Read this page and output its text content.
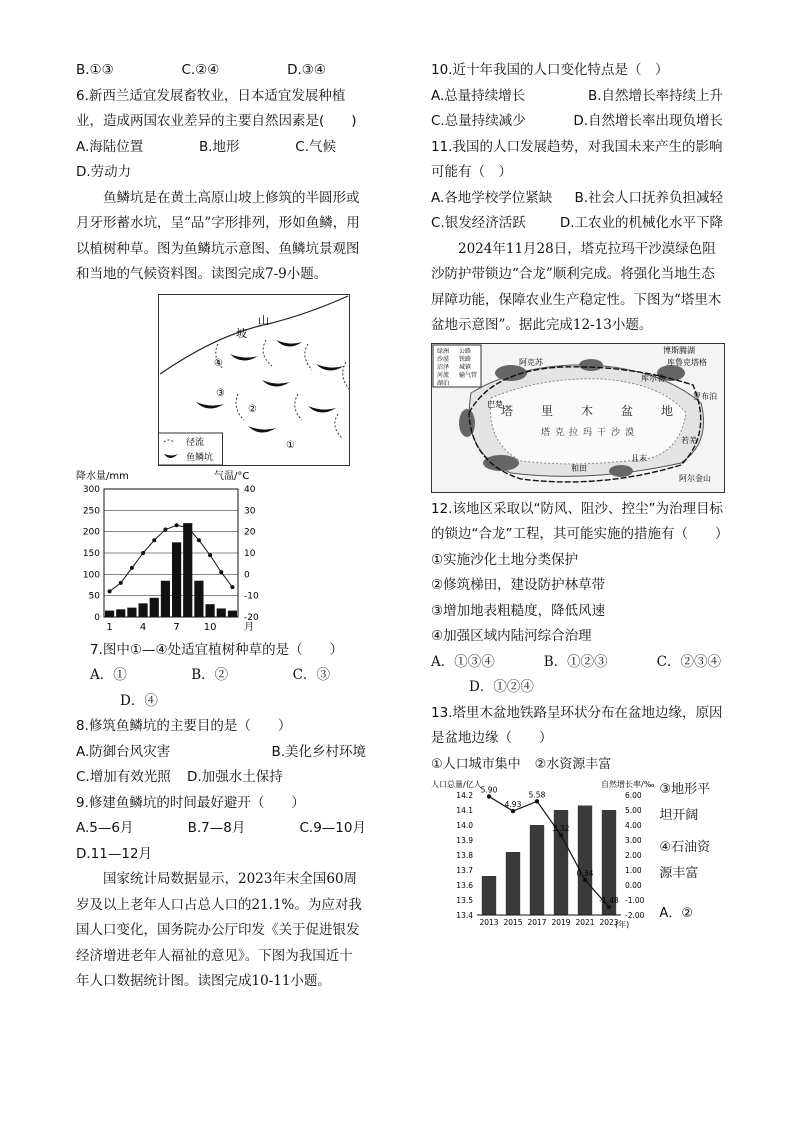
B.①③	C.②④	D.③④

6.新西兰适宜发展畜牧业，日本适宜发展种植业，造成两国农业差异的主要自然因素是(　　)

A.海陆位置	B.地形	C.气候
D.劳动力

鱼鳞坑是在黄土高原山坡上修筑的半圆形或月牙形蓄水坑，呈“品”字形排列，形如鱼鳞，用以植树种草。图为鱼鳞坑示意图、鱼鳞坑景观图和当地的气候资料图。读图完成7-9小题。

山
坡
④
③
②
①
径流
鱼鳞坑
降水量/mm	气温/°C
300
250
200
150
100
50
0
40
30
20
10
0
-10
-20
1	4	7 10	月

7.图中①—④处适宜植树种草的是（　　）

A．①	B．②	C．③
D．④

8.修筑鱼鳞坑的主要目的是（　　）

A.防御台风灾害	B.美化乡村环境
C.增加有效光照 D.加强水土保持

9.修建鱼鳞坑的时间最好避开（　　）

A.5—6月	B.7—8月	C.9—10月
D.11—12月

国家统计局数据显示，2023年末全国60周岁及以上老年人口占总人口的21.1%。为应对我国人口变化，国务院办公厅印发《关于促进银发经济增进老年人福祉的意见》。下图为我国近十年人口数据统计图。读图完成10-11小题。

10.近十年我国的人口变化特点是（　）

A.总量持续增长	B.自然增长率持续上升
C.总量持续减少	D.自然增长率出现负增长

11.我国的人口发展趋势，对我国未来产生的影响可能有（　）

A.各地学校学位紧缺 B.社会人口抚养负担减轻
C.银发经济活跃	D.工农业的机械化水平下降

2024年11月28日，塔克拉玛干沙漠绿色阻沙防护带锁边“合龙”顺利完成。将强化当地生态屏障功能，保障农业生产稳定性。下图为“塔里木盆地示意图”。据此完成12-13小题。

绿洲
沙漠
沼泽
河流
湖泊
公路
铁路
城镇
输气管
阿克苏
库尔勒
和田
且末
若羌
巴楚
博斯腾湖
库鲁克塔格
罗布泊
阿尔金山
塔 里 木 盆 地
塔 克 拉 玛 干 沙 漠

12.该地区采取以“防风、阻沙、控尘”为治理目标的锁边“合龙”工程，其可能实施的措施有（　　）

①实施沙化土地分类保护
②修筑梯田，建设防护林草带
③增加地表粗糙度，降低风速
④加强区域内陆河综合治理
A．①③④	B．①②③	C．②③④
D．①②④

13.塔里木盆地铁路呈环状分布在盆地边缘，原因是盆地边缘（　　）

①人口城市集中 ②水资源丰富
人口总量/亿人	自然增长率/‰
14.2
14.1
14.0
13.9
13.8
13.7
13.6
13.5
13.4
6.00
5.00
4.00
3.00
2.00
1.00
0.00
-1.00
-2.00
5.90
4.93
5.58
3.32
0.34
-1.48
2013 2015 2017 2019 2021 2023
(年)
③地形平坦开阔
④石油资源丰富
A．②
